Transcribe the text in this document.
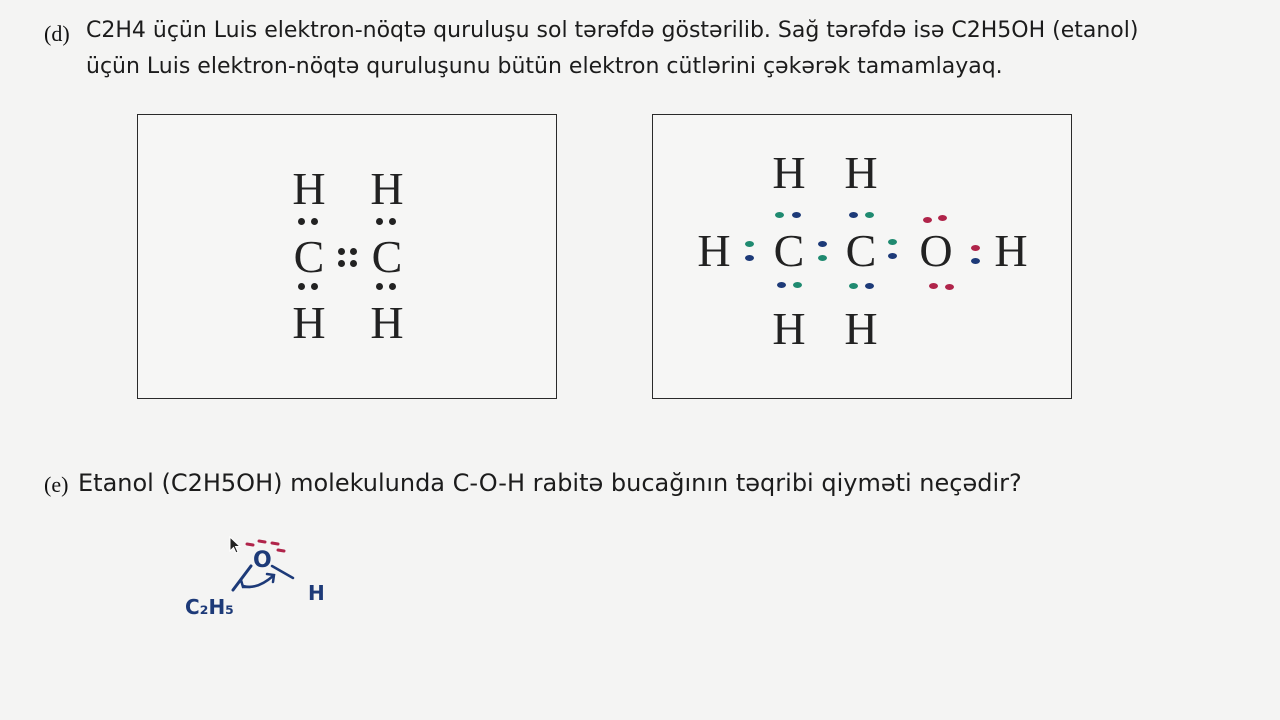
(d) C2H4 üçün Luis elektron-nöqtə quruluşu sol tərəfdə göstərilib. Sağ tərəfdə isə C2H5OH (etanol)
üçün Luis elektron-nöqtə quruluşunu bütün elektron cütlərini çəkərək tamamlayaq.
H H
C C
H H
H H
H C C O H
H H
(e) Etanol (C2H5OH) molekulunda C-O-H rabitə bucağının təqribi qiyməti neçədir?
O
H
C₂H₅
